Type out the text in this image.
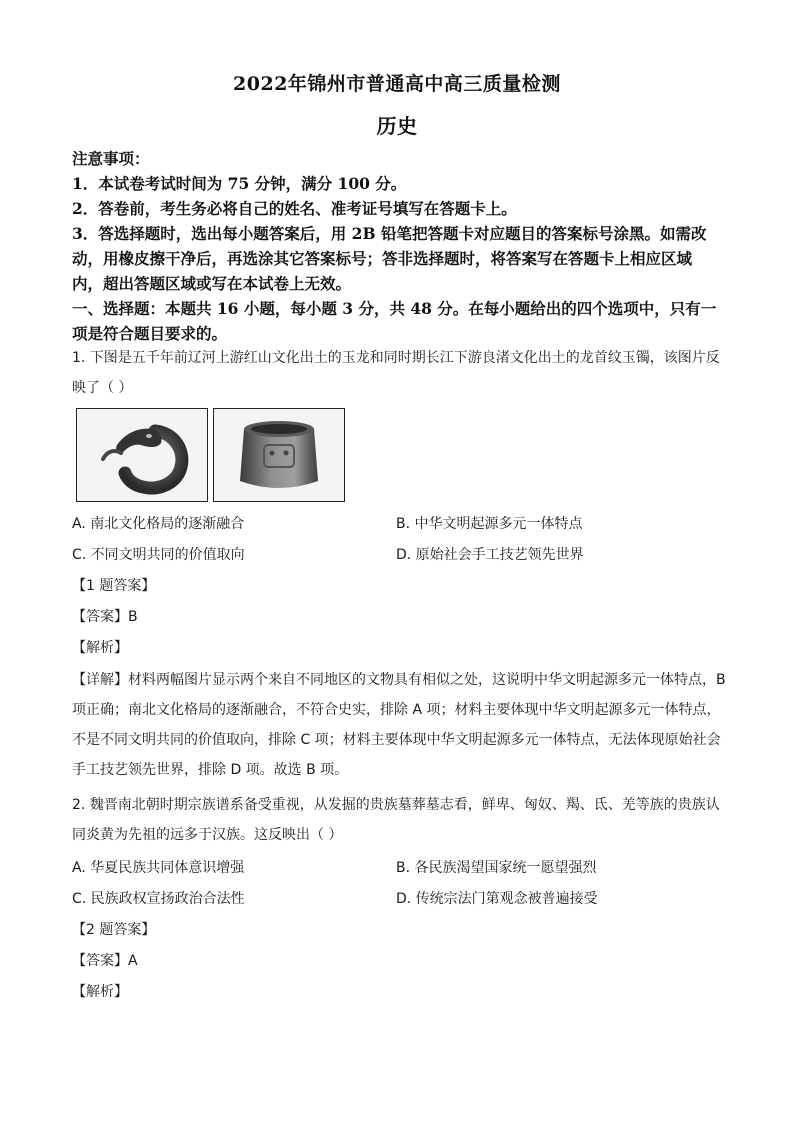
2022年锦州市普通高中高三质量检测
历史
注意事项：
1．本试卷考试时间为 75 分钟，满分 100 分。
2．答卷前，考生务必将自己的姓名、准考证号填写在答题卡上。
3．答选择题时，选出每小题答案后，用 2B 铅笔把答题卡对应题目的答案标号涂黑。如需改
动，用橡皮擦干净后，再选涂其它答案标号；答非选择题时，将答案写在答题卡上相应区域
内，超出答题区域或写在本试卷上无效。
一、选择题：本题共 16 小题，每小题 3 分，共 48 分。在每小题给出的四个选项中，只有一
项是符合题目要求的。
1. 下图是五千年前辽河上游红山文化出土的玉龙和同时期长江下游良渚文化出土的龙首纹玉镯，该图片反
映了（ ）
A. 南北文化格局的逐渐融合	B. 中华文明起源多元一体特点
C. 不同文明共同的价值取向	D. 原始社会手工技艺领先世界
【1 题答案】
【答案】B
【解析】
【详解】材料两幅图片显示两个来自不同地区的文物具有相似之处，这说明中华文明起源多元一体特点，B
项正确；南北文化格局的逐渐融合，不符合史实，排除 A 项；材料主要体现中华文明起源多元一体特点，
不是不同文明共同的价值取向，排除 C 项；材料主要体现中华文明起源多元一体特点，无法体现原始社会
手工技艺领先世界，排除 D 项。故选 B 项。
2. 魏晋南北朝时期宗族谱系备受重视，从发掘的贵族墓葬墓志看，鲜卑、匈奴、羯、氐、羌等族的贵族认
同炎黄为先祖的远多于汉族。这反映出（ ）
A. 华夏民族共同体意识增强	B. 各民族渴望国家统一愿望强烈
C. 民族政权宣扬政治合法性	D. 传统宗法门第观念被普遍接受
【2 题答案】
【答案】A
【解析】
